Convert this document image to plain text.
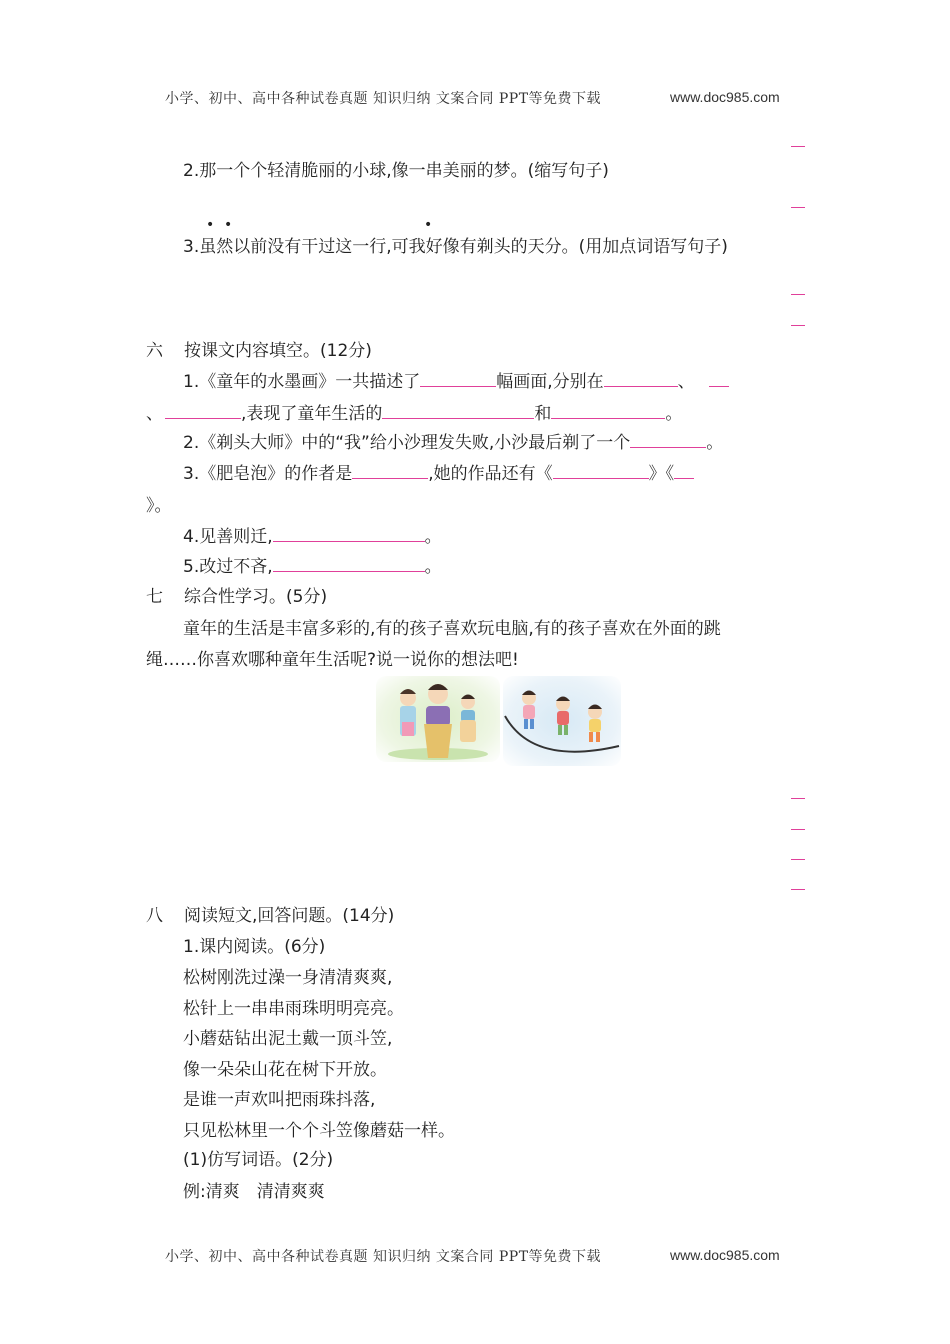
小学、初中、高中各种试卷真题 知识归纳 文案合同 PPT等免费下载	www.doc985.com
2.那一个个轻清脆丽的小球,像一串美丽的梦。(缩写句子)
• •	•
3.虽然以前没有干过这一行,可我好像有剃头的天分。(用加点词语写句子)
六 按课文内容填空。(12分)
1.《童年的水墨画》一共描述了	幅画面,分别在	、
、	,表现了童年生活的	和	。
2.《剃头大师》中的“我”给小沙理发失败,小沙最后剃了一个	。
3.《肥皂泡》的作者是	,她的作品还有《	》《
》。
4.见善则迁,	。
5.改过不吝,	。
七 综合性学习。(5分)
童年的生活是丰富多彩的,有的孩子喜欢玩电脑,有的孩子喜欢在外面的跳
绳……你喜欢哪种童年生活呢?说一说你的想法吧!
八 阅读短文,回答问题。(14分)
1.课内阅读。(6分)
松树刚洗过澡一身清清爽爽,
松针上一串串雨珠明明亮亮。
小蘑菇钻出泥土戴一顶斗笠,
像一朵朵山花在树下开放。
是谁一声欢叫把雨珠抖落,
只见松林里一个个斗笠像蘑菇一样。
(1)仿写词语。(2分)
例:清爽　清清爽爽
小学、初中、高中各种试卷真题 知识归纳 文案合同 PPT等免费下载	www.doc985.com
